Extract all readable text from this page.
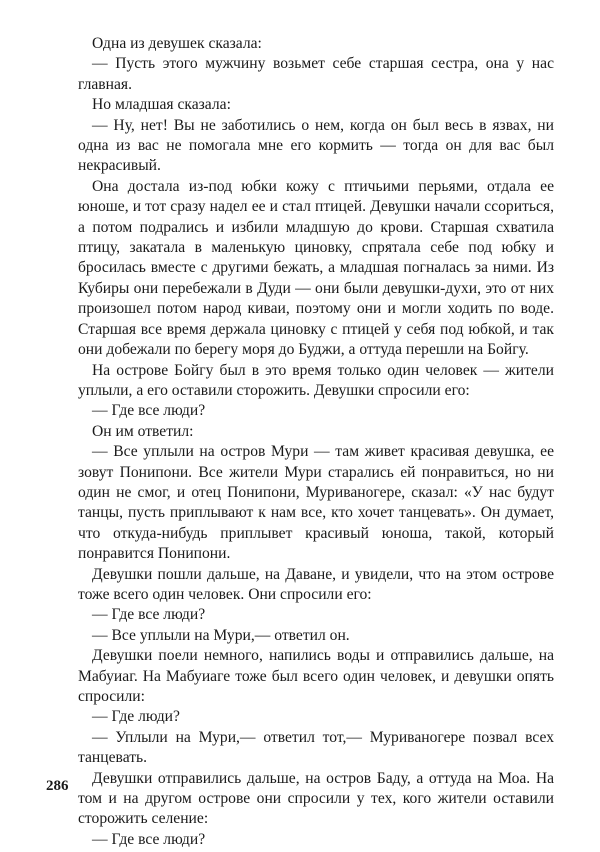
Одна из девушек сказала:

— Пусть этого мужчину возьмет себе старшая сестра, она у нас главная.

Но младшая сказала:

— Ну, нет! Вы не заботились о нем, когда он был весь в язвах, ни одна из вас не помогала мне его кормить — тогда он для вас был некрасивый.

Она достала из-под юбки кожу с птичьими перьями, отдала ее юноше, и тот сразу надел ее и стал птицей. Девушки начали ссориться, а потом подрались и избили младшую до крови. Старшая схватила птицу, закатала в маленькую циновку, спрятала себе под юбку и бросилась вместе с другими бежать, а младшая погналась за ними. Из Кубиры они перебежали в Дуди — они были девушки-духи, это от них произошел потом народ киваи, поэтому они и могли ходить по воде. Старшая все время держала циновку с птицей у себя под юбкой, и так они добежали по берегу моря до Буджи, а оттуда перешли на Бойгу.

На острове Бойгу был в это время только один человек — жители уплыли, а его оставили сторожить. Девушки спросили его:

— Где все люди?

Он им ответил:

— Все уплыли на остров Мури — там живет красивая девушка, ее зовут Понипони. Все жители Мури старались ей понравиться, но ни один не смог, и отец Понипони, Муриваногере, сказал: «У нас будут танцы, пусть приплывают к нам все, кто хочет танцевать». Он думает, что откуда-нибудь приплывет красивый юноша, такой, который понравится Понипони.

Девушки пошли дальше, на Даване, и увидели, что на этом острове тоже всего один человек. Они спросили его:

— Где все люди?

— Все уплыли на Мури,— ответил он.

Девушки поели немного, напились воды и отправились дальше, на Мабуиаг. На Мабуиаге тоже был всего один человек, и девушки опять спросили:

— Где люди?

— Уплыли на Мури,— ответил тот,— Муриваногере позвал всех танцевать.

Девушки отправились дальше, на остров Баду, а оттуда на Моа. На том и на другом острове они спросили у тех, кого жители оставили сторожить селение:

— Где все люди?

286
